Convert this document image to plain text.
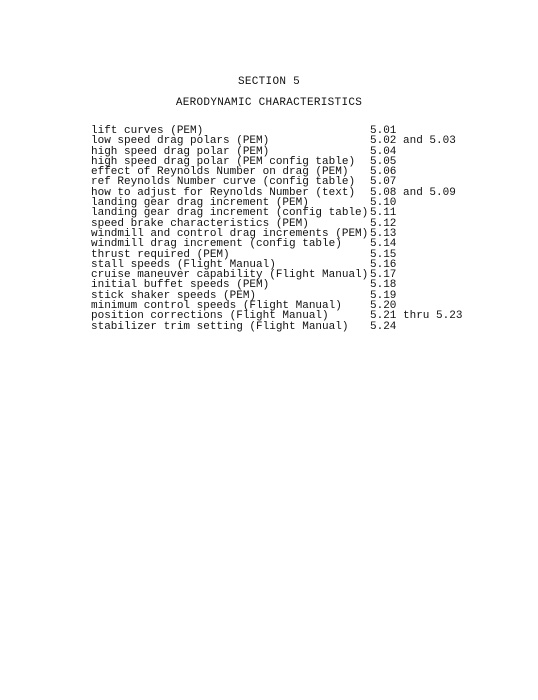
SECTION 5
AERODYNAMIC CHARACTERISTICS
lift curves (PEM)	5.01
low speed drag polars (PEM)	5.02 and 5.03
high speed drag polar (PEM)	5.04
high speed drag polar (PEM config table) 5.05
effect of Reynolds Number on drag (PEM) 5.06
ref Reynolds Number curve (config table) 5.07
how to adjust for Reynolds Number (text) 5.08 and 5.09
landing gear drag increment (PEM)	5.10
landing gear drag increment (config table) 5.11
speed brake characteristics (PEM)	5.12
windmill and control drag increments (PEM) 5.13
windmill drag increment (config table)	5.14
thrust required (PEM)	5.15
stall speeds (Flight Manual)	5.16
cruise maneuver capability (Flight Manual) 5.17
initial buffet speeds (PEM)	5.18
stick shaker speeds (PEM)	5.19
minimum control speeds (Flight Manual)	5.20
position corrections (Flight Manual)	5.21 thru 5.23
stabilizer trim setting (Flight Manual) 5.24
